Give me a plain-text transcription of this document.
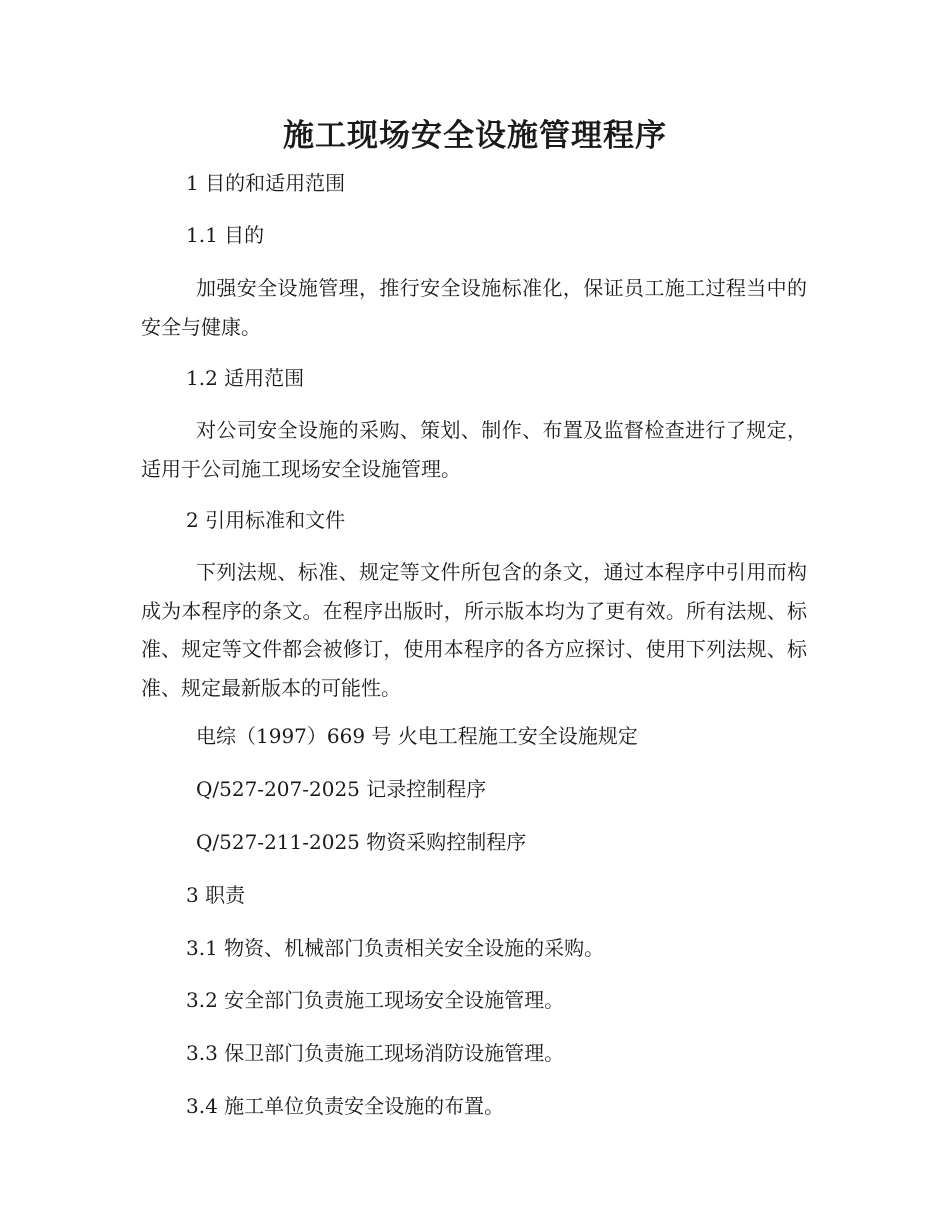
施工现场安全设施管理程序

1 目的和适用范围

1.1 目的

加强安全设施管理，推行安全设施标准化，保证员工施工过程当中的安全与健康。

1.2 适用范围

对公司安全设施的采购、策划、制作、布置及监督检查进行了规定，适用于公司施工现场安全设施管理。

2 引用标准和文件

下列法规、标准、规定等文件所包含的条文，通过本程序中引用而构成为本程序的条文。在程序出版时，所示版本均为了更有效。所有法规、标准、规定等文件都会被修订，使用本程序的各方应探讨、使用下列法规、标准、规定最新版本的可能性。

电综（1997）669 号 火电工程施工安全设施规定

Q/527-207-2025 记录控制程序

Q/527-211-2025 物资采购控制程序

3 职责

3.1 物资、机械部门负责相关安全设施的采购。

3.2 安全部门负责施工现场安全设施管理。

3.3 保卫部门负责施工现场消防设施管理。

3.4 施工单位负责安全设施的布置。
